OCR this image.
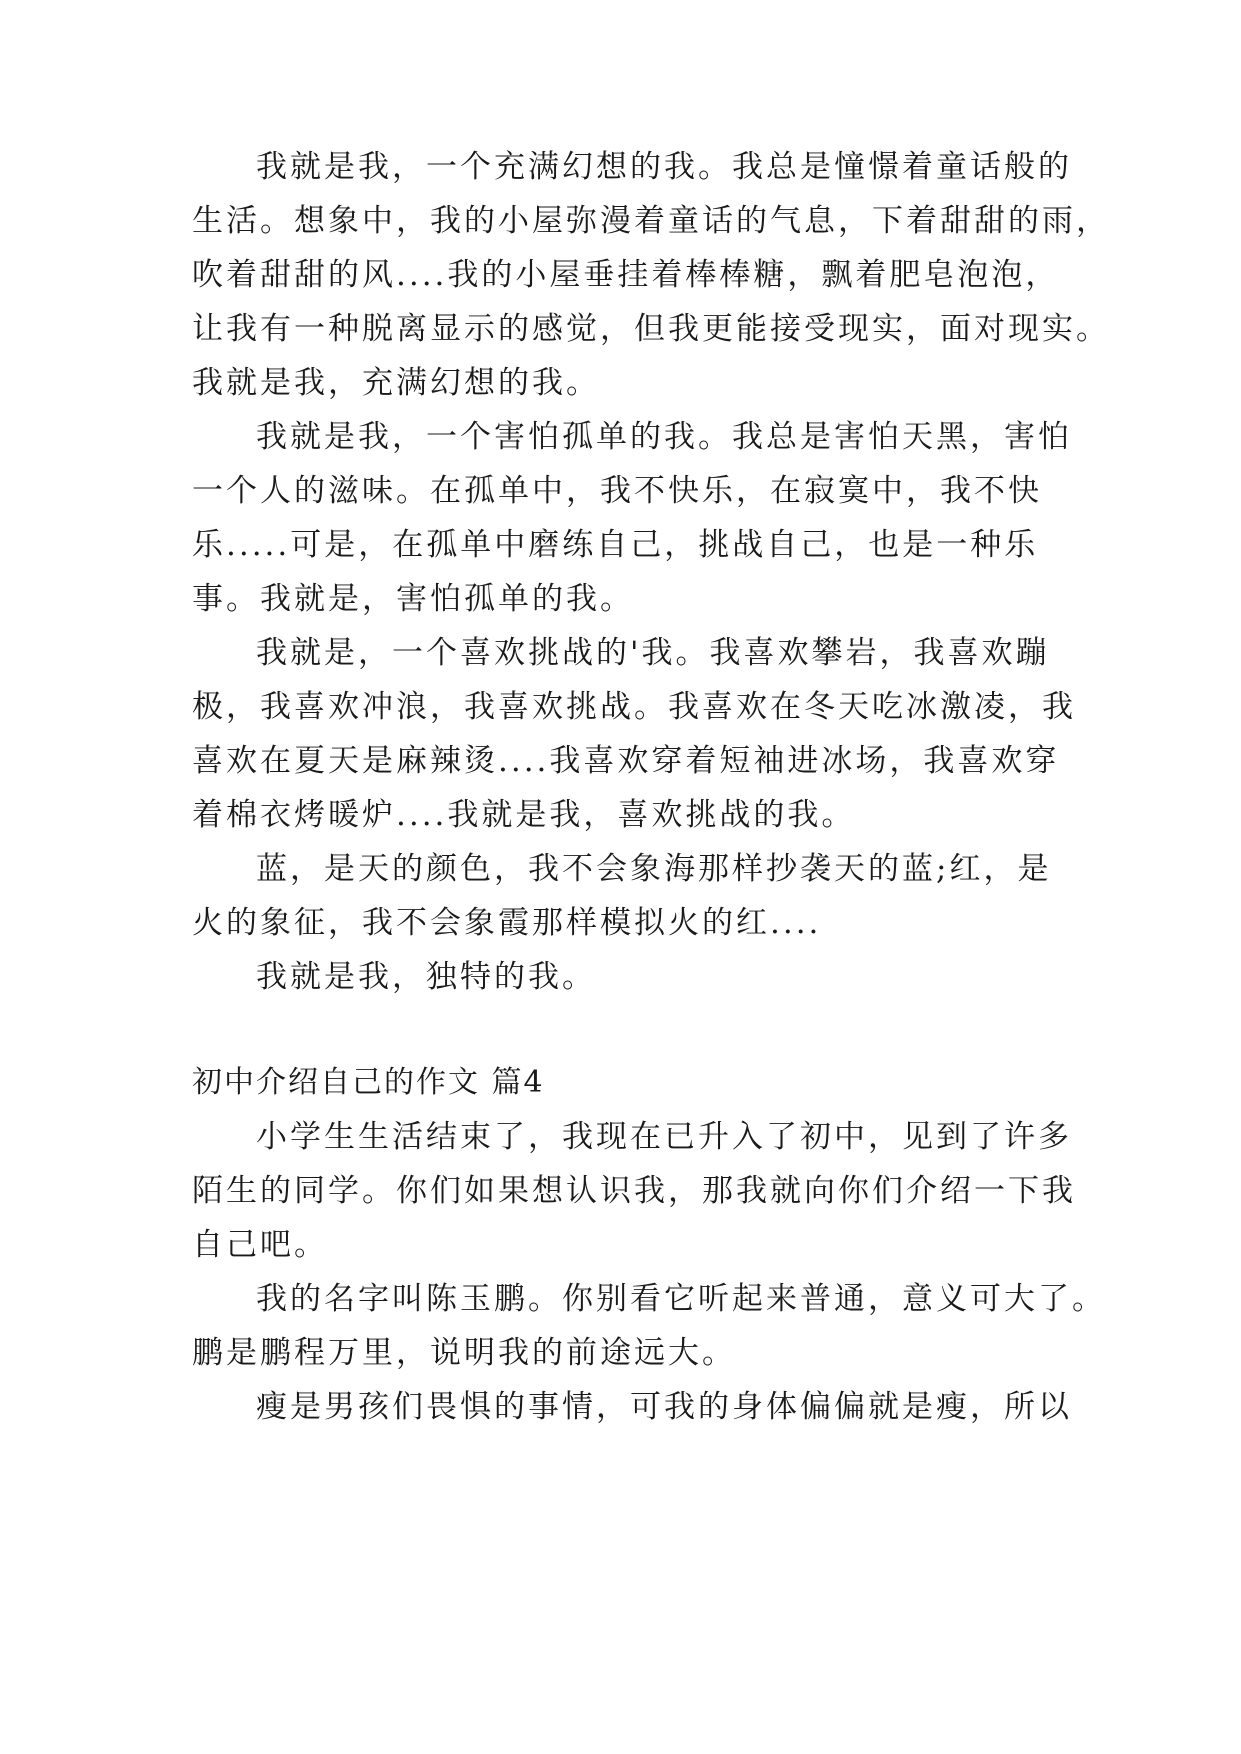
我就是我，一个充满幻想的我。我总是憧憬着童话般的
生活。想象中，我的小屋弥漫着童话的气息，下着甜甜的雨，
吹着甜甜的风....我的小屋垂挂着棒棒糖，飘着肥皂泡泡，
让我有一种脱离显示的感觉，但我更能接受现实，面对现实。
我就是我，充满幻想的我。
我就是我，一个害怕孤单的我。我总是害怕天黑，害怕
一个人的滋味。在孤单中，我不快乐，在寂寞中，我不快
乐.....可是，在孤单中磨练自己，挑战自己，也是一种乐
事。我就是，害怕孤单的我。
我就是，一个喜欢挑战的'我。我喜欢攀岩，我喜欢蹦
极，我喜欢冲浪，我喜欢挑战。我喜欢在冬天吃冰激凌，我
喜欢在夏天是麻辣烫....我喜欢穿着短袖进冰场，我喜欢穿
着棉衣烤暖炉....我就是我，喜欢挑战的我。
蓝，是天的颜色，我不会象海那样抄袭天的蓝;红，是
火的象征，我不会象霞那样模拟火的红....
我就是我，独特的我。
初中介绍自己的作文 篇4
小学生生活结束了，我现在已升入了初中，见到了许多
陌生的同学。你们如果想认识我，那我就向你们介绍一下我
自己吧。
我的名字叫陈玉鹏。你别看它听起来普通，意义可大了。
鹏是鹏程万里，说明我的前途远大。
瘦是男孩们畏惧的事情，可我的身体偏偏就是瘦，所以
